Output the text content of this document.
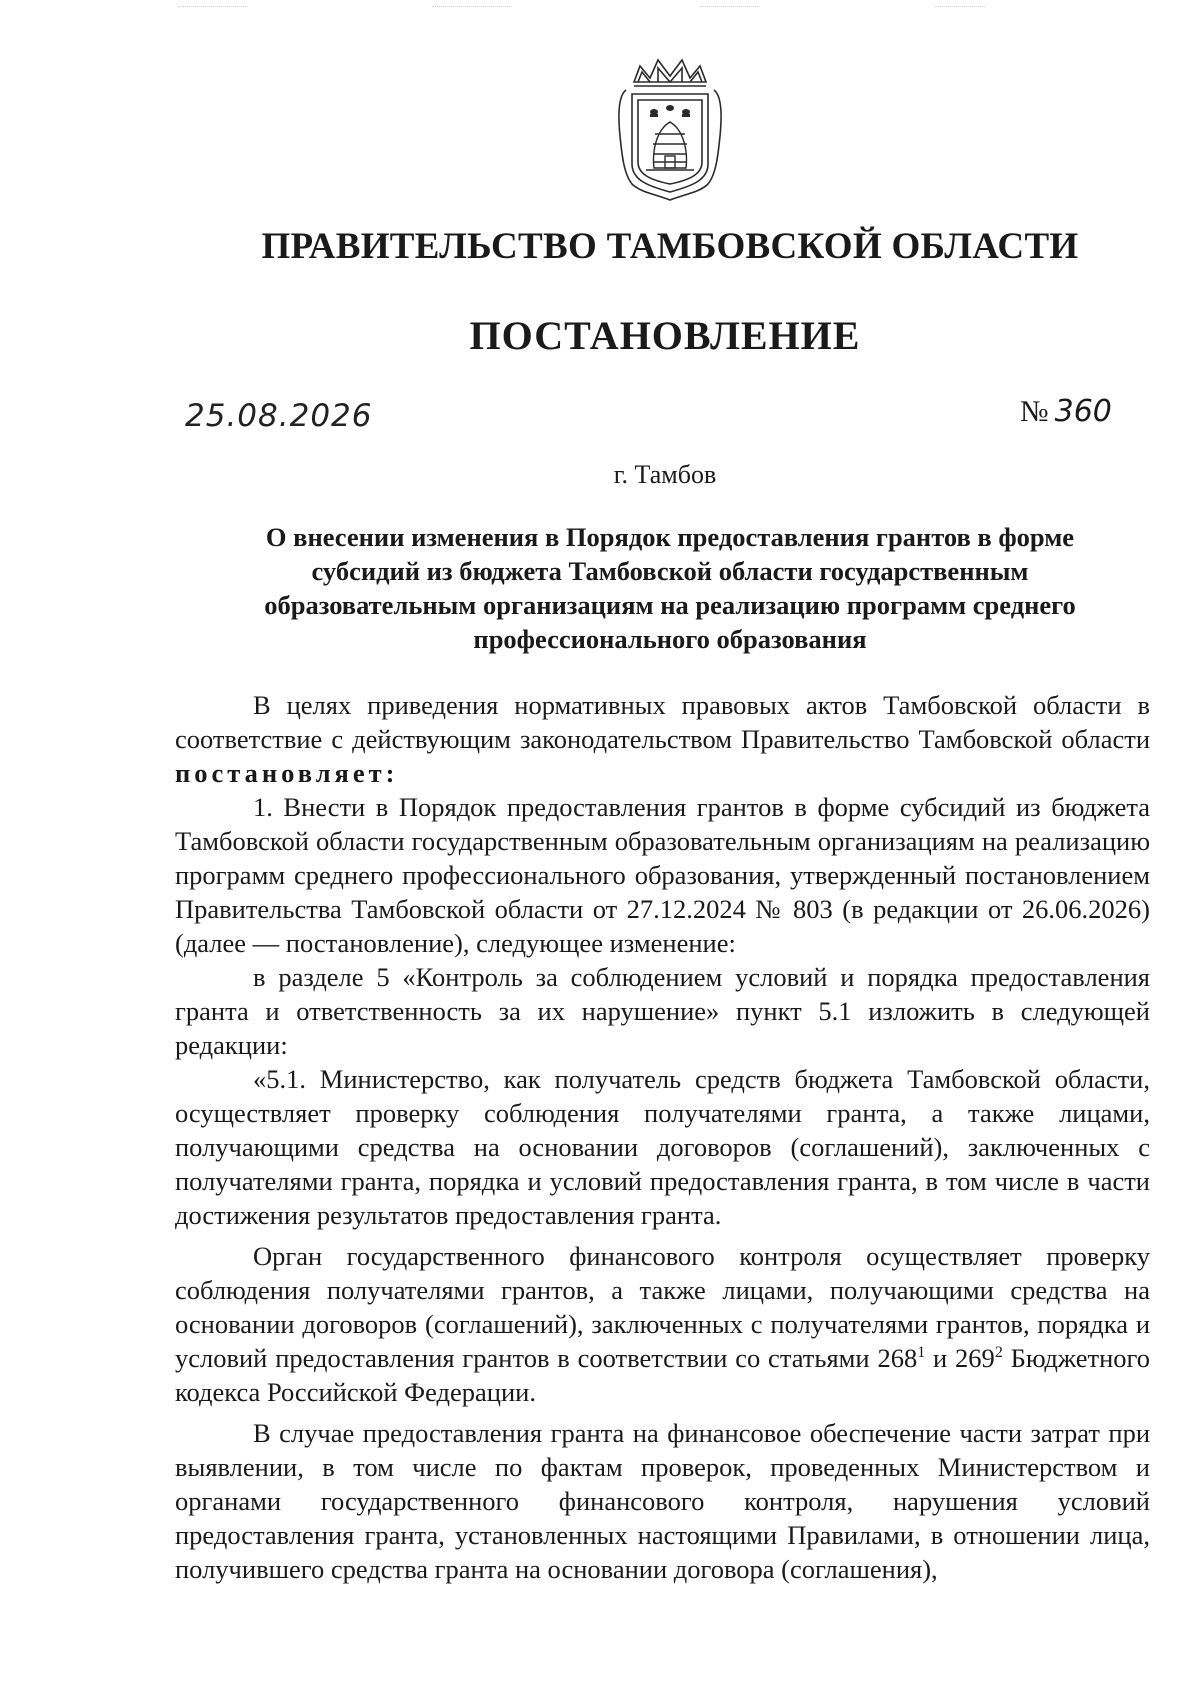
ПРАВИТЕЛЬСТВО ТАМБОВСКОЙ ОБЛАСТИ
ПОСТАНОВЛЕНИЕ
25.08.2026	№ 360
г. Тамбов
О внесении изменения в Порядок предоставления грантов в форме субсидий из бюджета Тамбовской области государственным образовательным организациям на реализацию программ среднего профессионального образования

В целях приведения нормативных правовых актов Тамбовской области в соответствие с действующим законодательством Правительство Тамбовской области постановляет:

1. Внести в Порядок предоставления грантов в форме субсидий из бюджета Тамбовской области государственным образовательным организациям на реализацию программ среднего профессионального образования, утвержденный постановлением Правительства Тамбовской области от 27.12.2024 № 803 (в редакции от 26.06.2026) (далее — постановление), следующее изменение:

в разделе 5 «Контроль за соблюдением условий и порядка предоставления гранта и ответственность за их нарушение» пункт 5.1 изложить в следующей редакции:

«5.1. Министерство, как получатель средств бюджета Тамбовской области, осуществляет проверку соблюдения получателями гранта, а также лицами, получающими средства на основании договоров (соглашений), заключенных с получателями гранта, порядка и условий предоставления гранта, в том числе в части достижения результатов предоставления гранта.

Орган государственного финансового контроля осуществляет проверку соблюдения получателями грантов, а также лицами, получающими средства на основании договоров (соглашений), заключенных с получателями грантов, порядка и условий предоставления грантов в соответствии со статьями $268^1$ и $269^2$ Бюджетного кодекса Российской Федерации.

В случае предоставления гранта на финансовое обеспечение части затрат при выявлении, в том числе по фактам проверок, проведенных Министерством и органами государственного финансового контроля, нарушения условий предоставления гранта, установленных настоящими Правилами, в отношении лица, получившего средства гранта на основании договора (соглашения),
